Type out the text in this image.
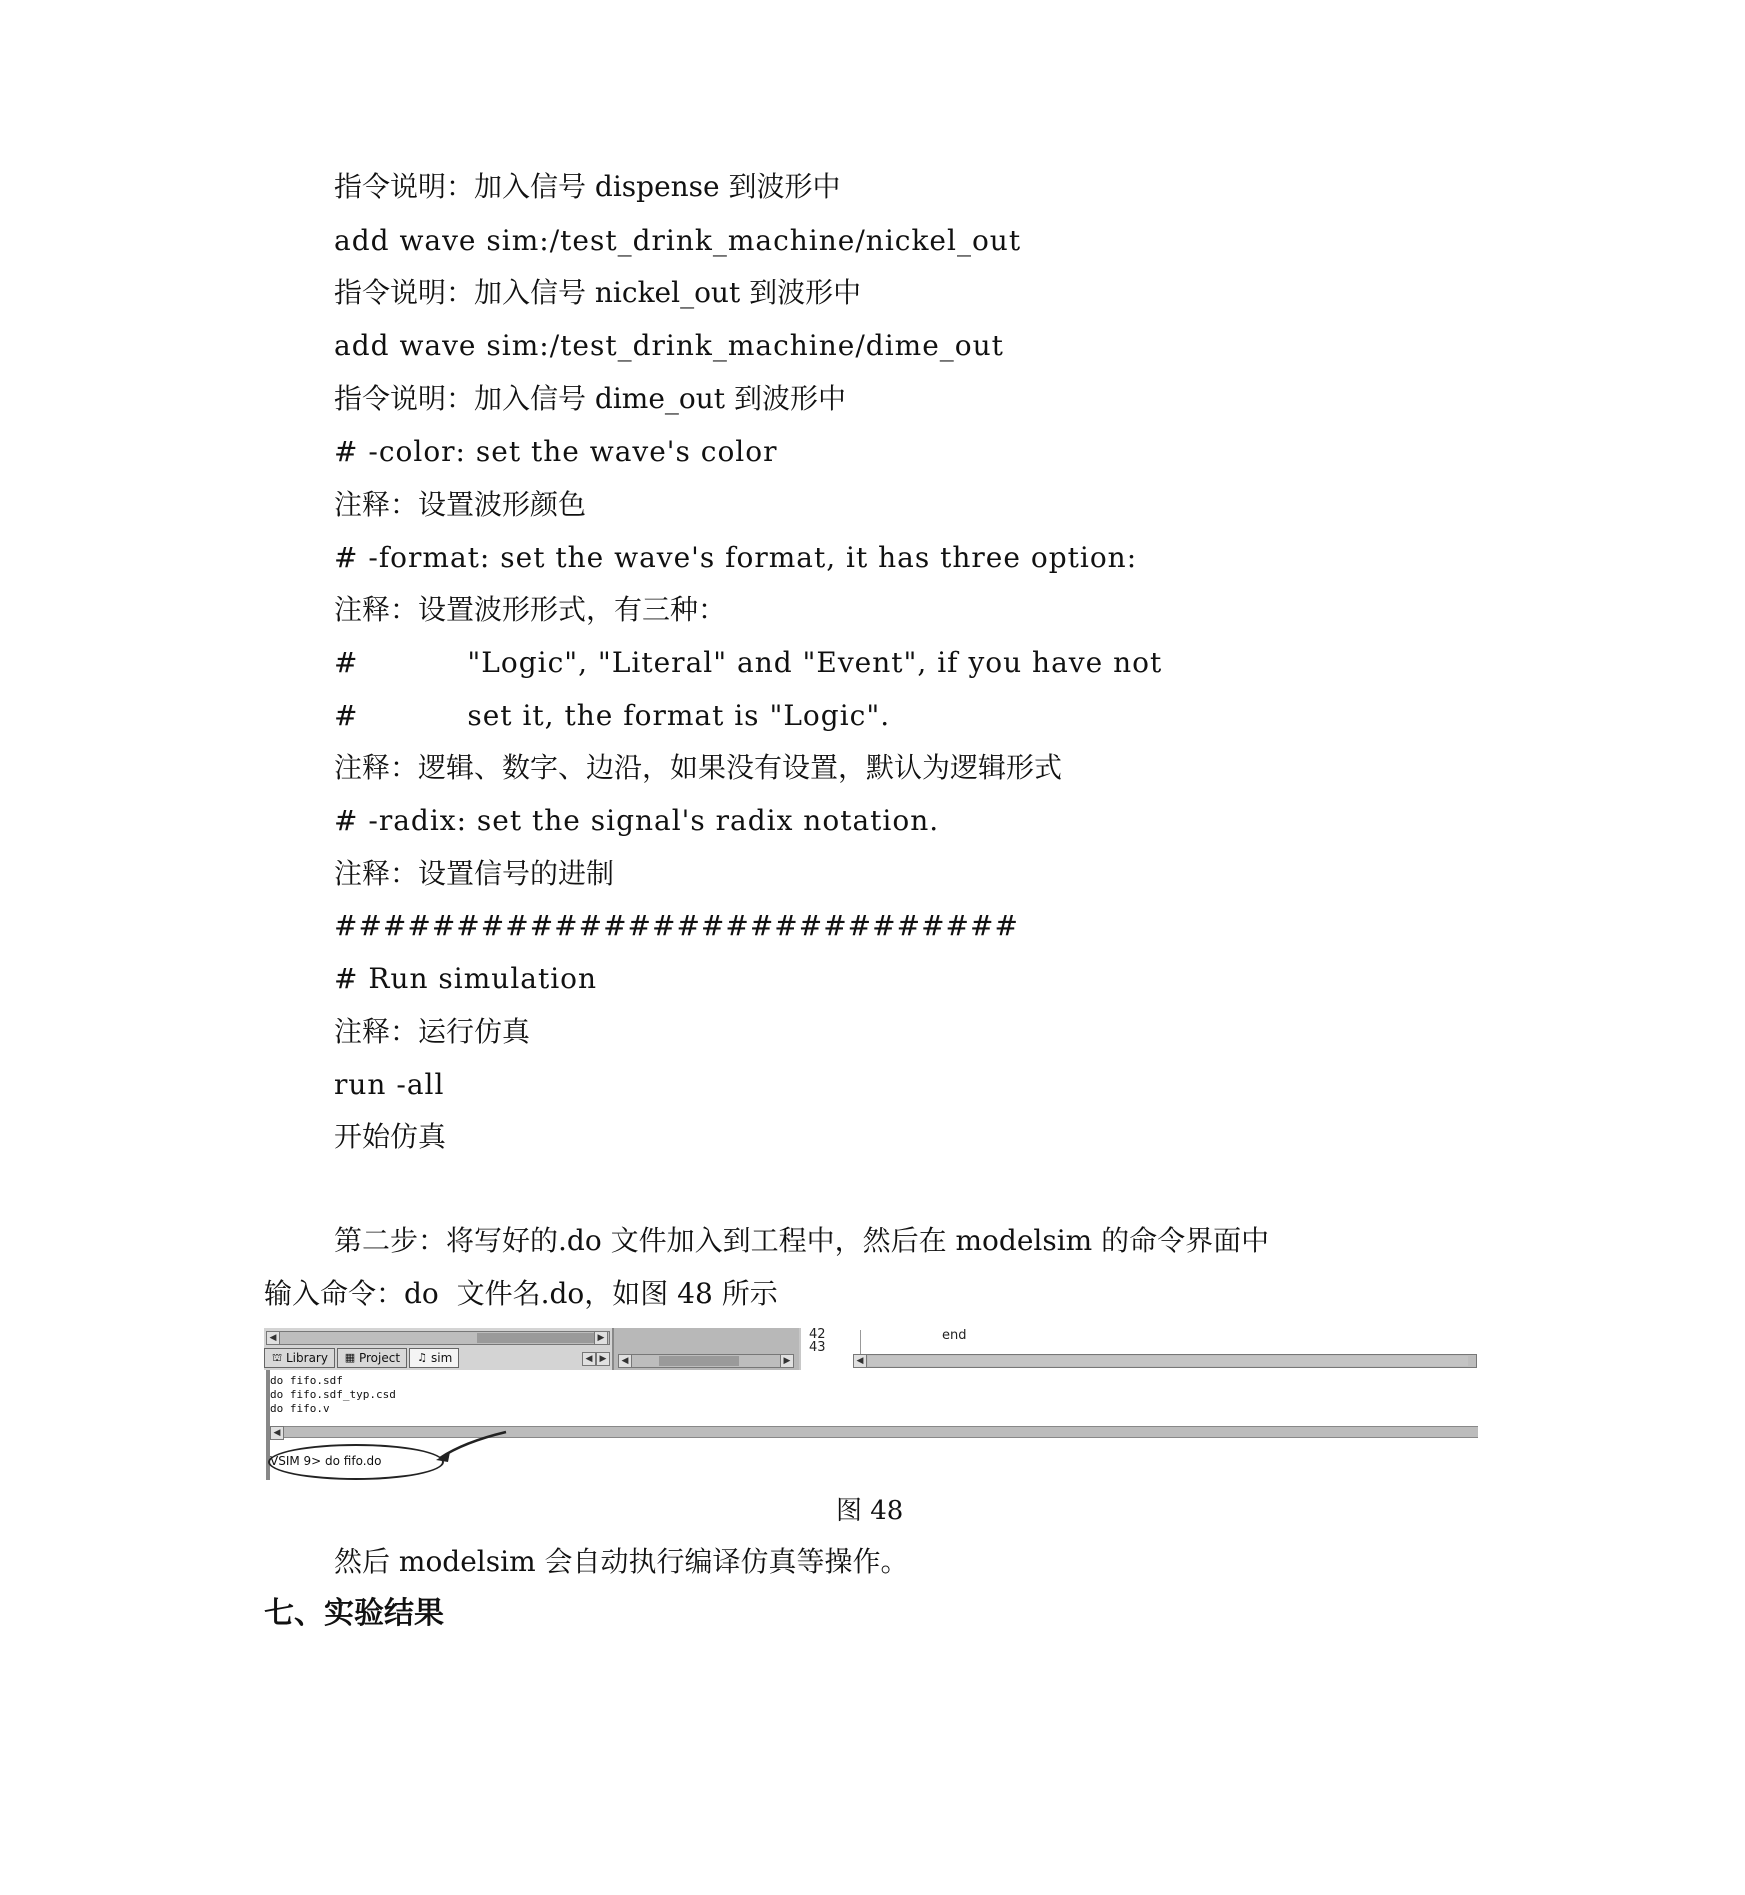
指令说明：加入信号 dispense 到波形中
add wave sim:/test_drink_machine/nickel_out
指令说明：加入信号 nickel_out 到波形中
add wave sim:/test_drink_machine/dime_out
指令说明：加入信号 dime_out 到波形中
# -color: set the wave's color
注释：设置波形颜色
# -format: set the wave's format, it has three option:
注释：设置波形形式，有三种：
#           "Logic", "Literal" and "Event", if you have not
#           set it, the format is "Logic".
注释：逻辑、数字、边沿，如果没有设置，默认为逻辑形式
# -radix: set the signal's radix notation.
注释：设置信号的进制
############################
# Run simulation
注释：运行仿真
run -all
开始仿真
第二步：将写好的.do 文件加入到工程中，然后在 modelsim 的命令界面中
输入命令：do  文件名.do，如图 48 所示
◀	▶
⛫ Library ▦ Project ♫ sim	◀ ▶	◀	▶	◀
42
43
end
do fifo.sdf
do fifo.sdf_typ.csd
do fifo.v
◀
VSIM 9> do fifo.do
图 48
然后 modelsim 会自动执行编译仿真等操作。
七、实验结果
